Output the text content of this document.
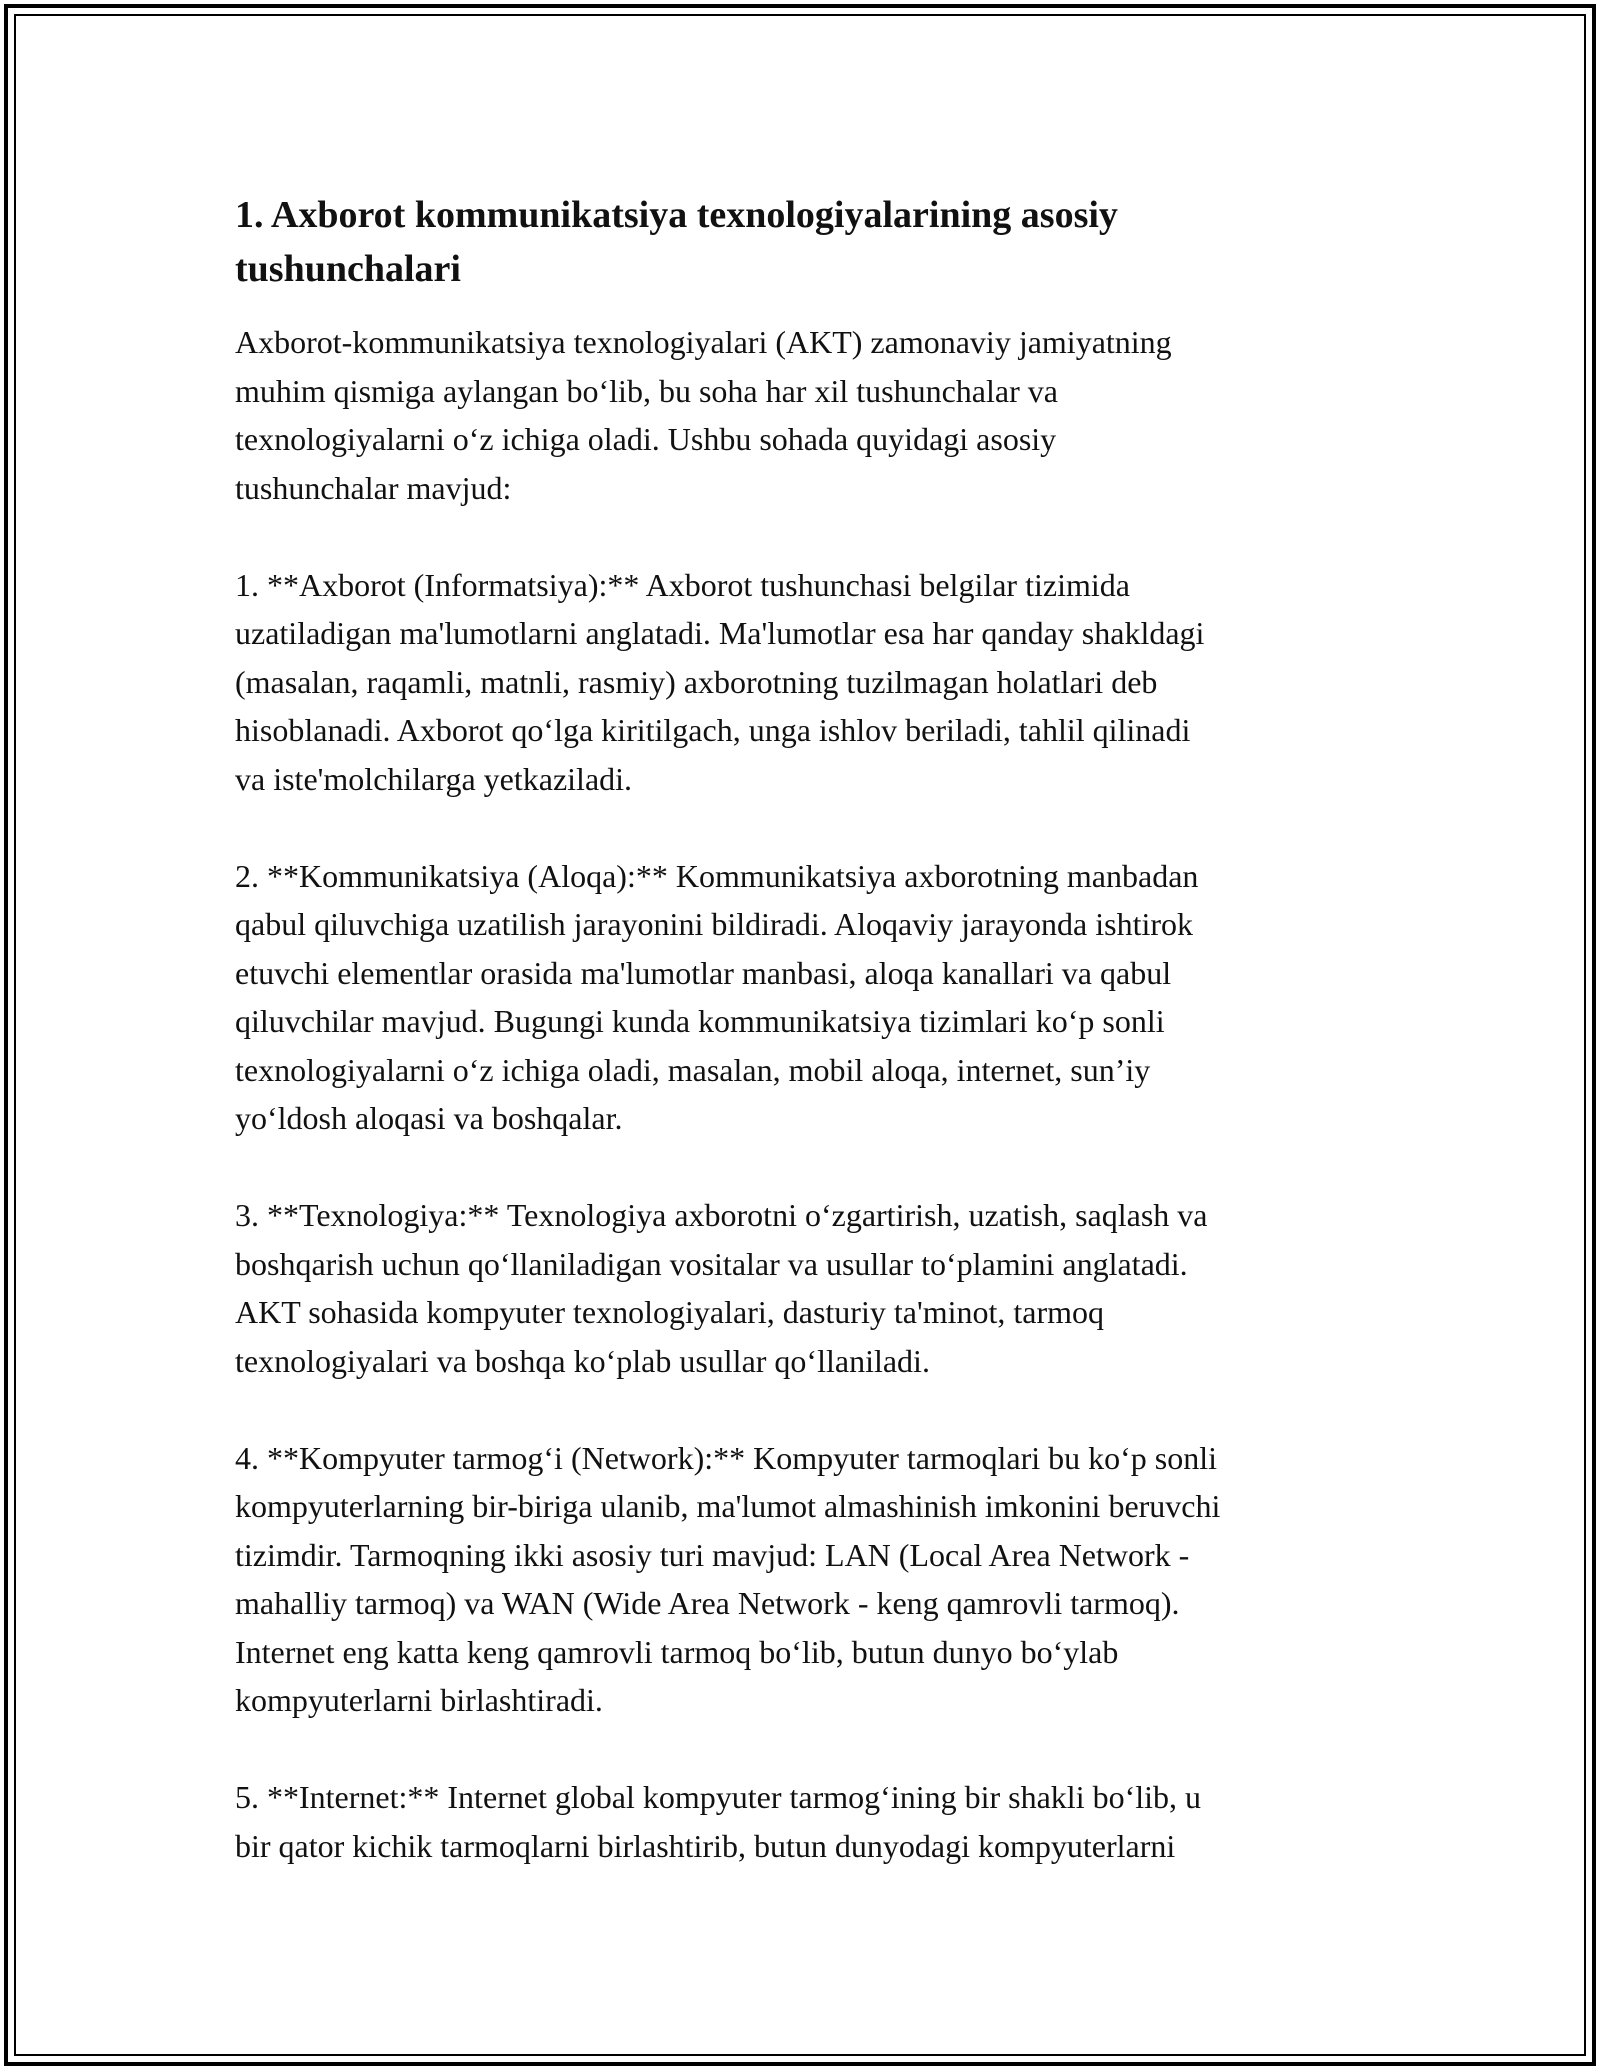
1. Axborot kommunikatsiya texnologiyalarining asosiy
tushunchalari

Axborot-kommunikatsiya texnologiyalari (AKT) zamonaviy jamiyatning
muhim qismiga aylangan bo‘lib, bu soha har xil tushunchalar va
texnologiyalarni o‘z ichiga oladi. Ushbu sohada quyidagi asosiy
tushunchalar mavjud:

1. **Axborot (Informatsiya):** Axborot tushunchasi belgilar tizimida
uzatiladigan ma'lumotlarni anglatadi. Ma'lumotlar esa har qanday shakldagi
(masalan, raqamli, matnli, rasmiy) axborotning tuzilmagan holatlari deb
hisoblanadi. Axborot qo‘lga kiritilgach, unga ishlov beriladi, tahlil qilinadi
va iste'molchilarga yetkaziladi.

2. **Kommunikatsiya (Aloqa):** Kommunikatsiya axborotning manbadan
qabul qiluvchiga uzatilish jarayonini bildiradi. Aloqaviy jarayonda ishtirok
etuvchi elementlar orasida ma'lumotlar manbasi, aloqa kanallari va qabul
qiluvchilar mavjud. Bugungi kunda kommunikatsiya tizimlari ko‘p sonli
texnologiyalarni o‘z ichiga oladi, masalan, mobil aloqa, internet, sun’iy
yo‘ldosh aloqasi va boshqalar.

3. **Texnologiya:** Texnologiya axborotni o‘zgartirish, uzatish, saqlash va
boshqarish uchun qo‘llaniladigan vositalar va usullar to‘plamini anglatadi.
AKT sohasida kompyuter texnologiyalari, dasturiy ta'minot, tarmoq
texnologiyalari va boshqa ko‘plab usullar qo‘llaniladi.

4. **Kompyuter tarmog‘i (Network):** Kompyuter tarmoqlari bu ko‘p sonli
kompyuterlarning bir-biriga ulanib, ma'lumot almashinish imkonini beruvchi
tizimdir. Tarmoqning ikki asosiy turi mavjud: LAN (Local Area Network -
mahalliy tarmoq) va WAN (Wide Area Network - keng qamrovli tarmoq).
Internet eng katta keng qamrovli tarmoq bo‘lib, butun dunyo bo‘ylab
kompyuterlarni birlashtiradi.

5. **Internet:** Internet global kompyuter tarmog‘ining bir shakli bo‘lib, u
bir qator kichik tarmoqlarni birlashtirib, butun dunyodagi kompyuterlarni
